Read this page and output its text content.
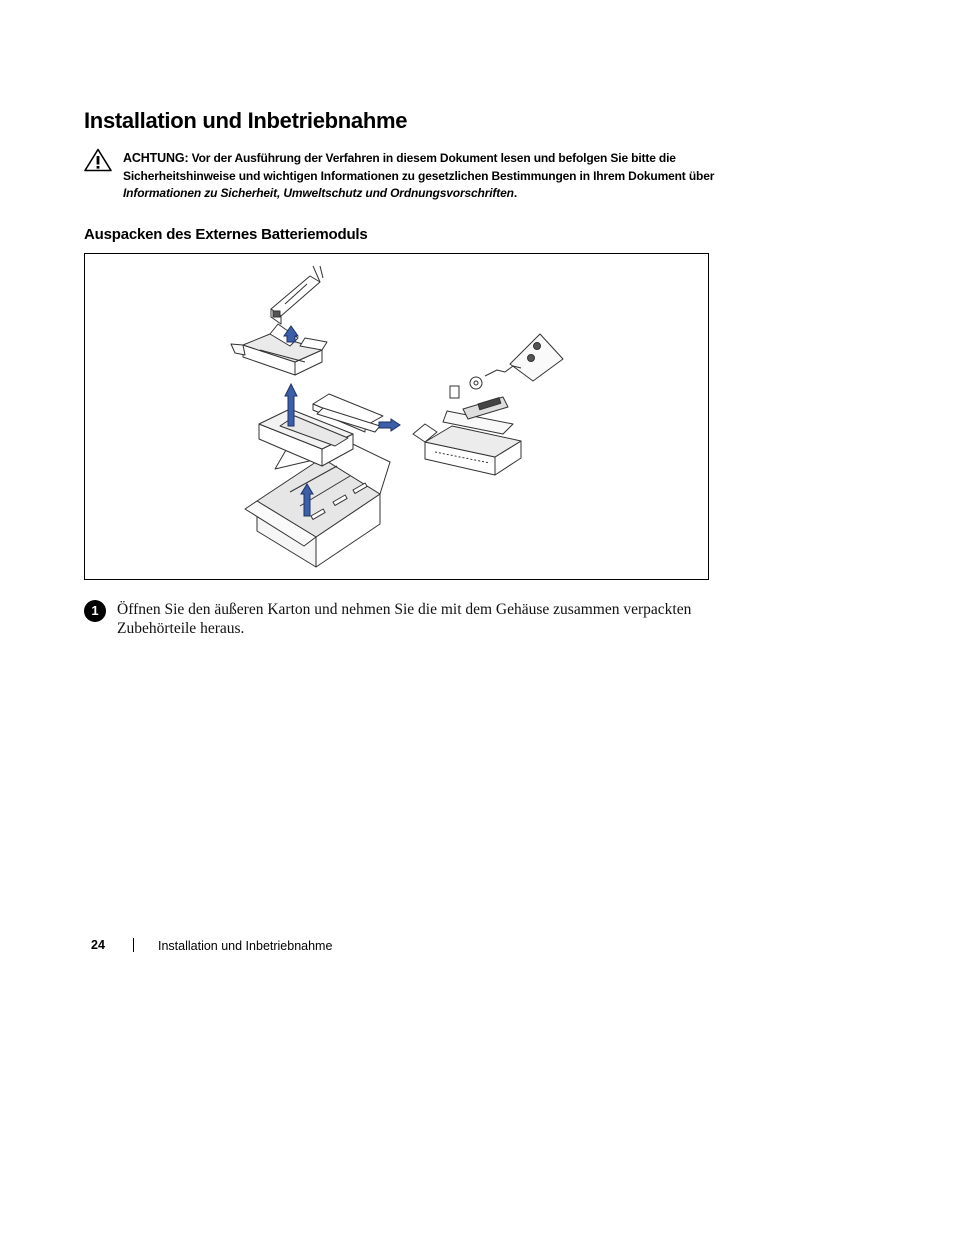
Installation und Inbetriebnahme
ACHTUNG: Vor der Ausführung der Verfahren in diesem Dokument lesen und befolgen Sie bitte die Sicherheitshinweise und wichtigen Informationen zu gesetzlichen Bestimmungen in Ihrem Dokument über Informationen zu Sicherheit, Umweltschutz und Ordnungsvorschriften.
Auspacken des Externes Batteriemoduls
1	Öffnen Sie den äußeren Karton und nehmen Sie die mit dem Gehäuse zusammen verpackten Zubehörteile heraus.
24	Installation und Inbetriebnahme
